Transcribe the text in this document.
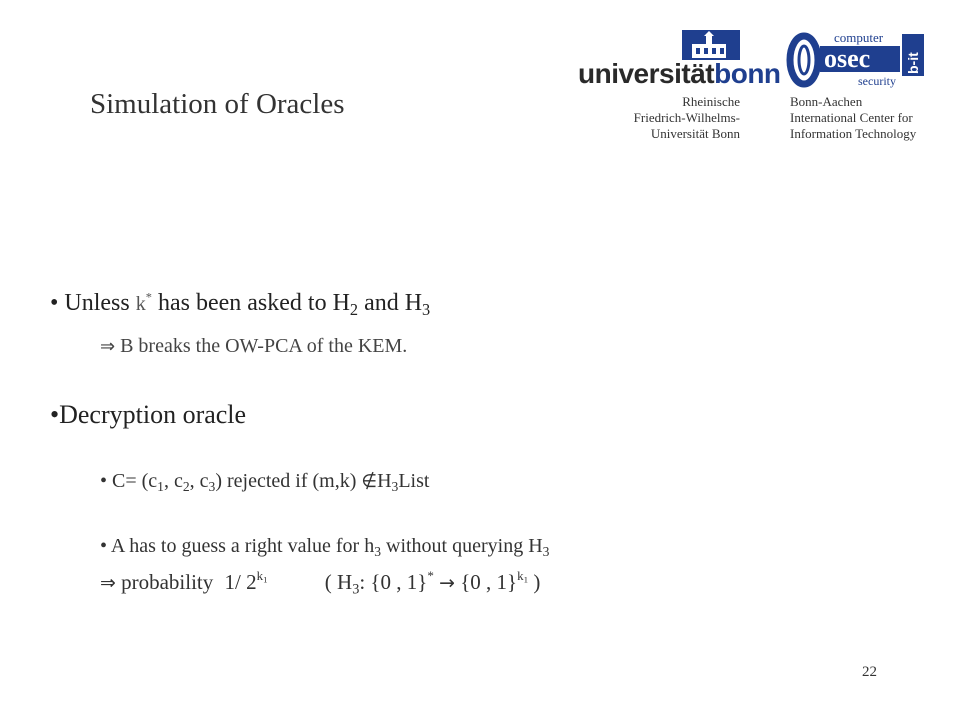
Simulation of Oracles
universitätbonn
Rheinische
Friedrich-Wilhelms-
Universität Bonn
computer
osec b-it
security
Bonn-Aachen
International Center for
Information Technology
• Unless k* has been asked to $H_2$ and $H_3$
⇒ B breaks the OW-PCA of the KEM.
•Decryption oracle
• $C= (c_1$, $c_2$, $c_3$) rejected if (m,k) $\notin H_3List$
• A has to guess a right value for $h_3$ without querying $H_3$
⇒ probability 1/ $2^{k_1}$	( $H_3$: {0 , 1}* → {0 , 1}$^{k_1}$ )
22
